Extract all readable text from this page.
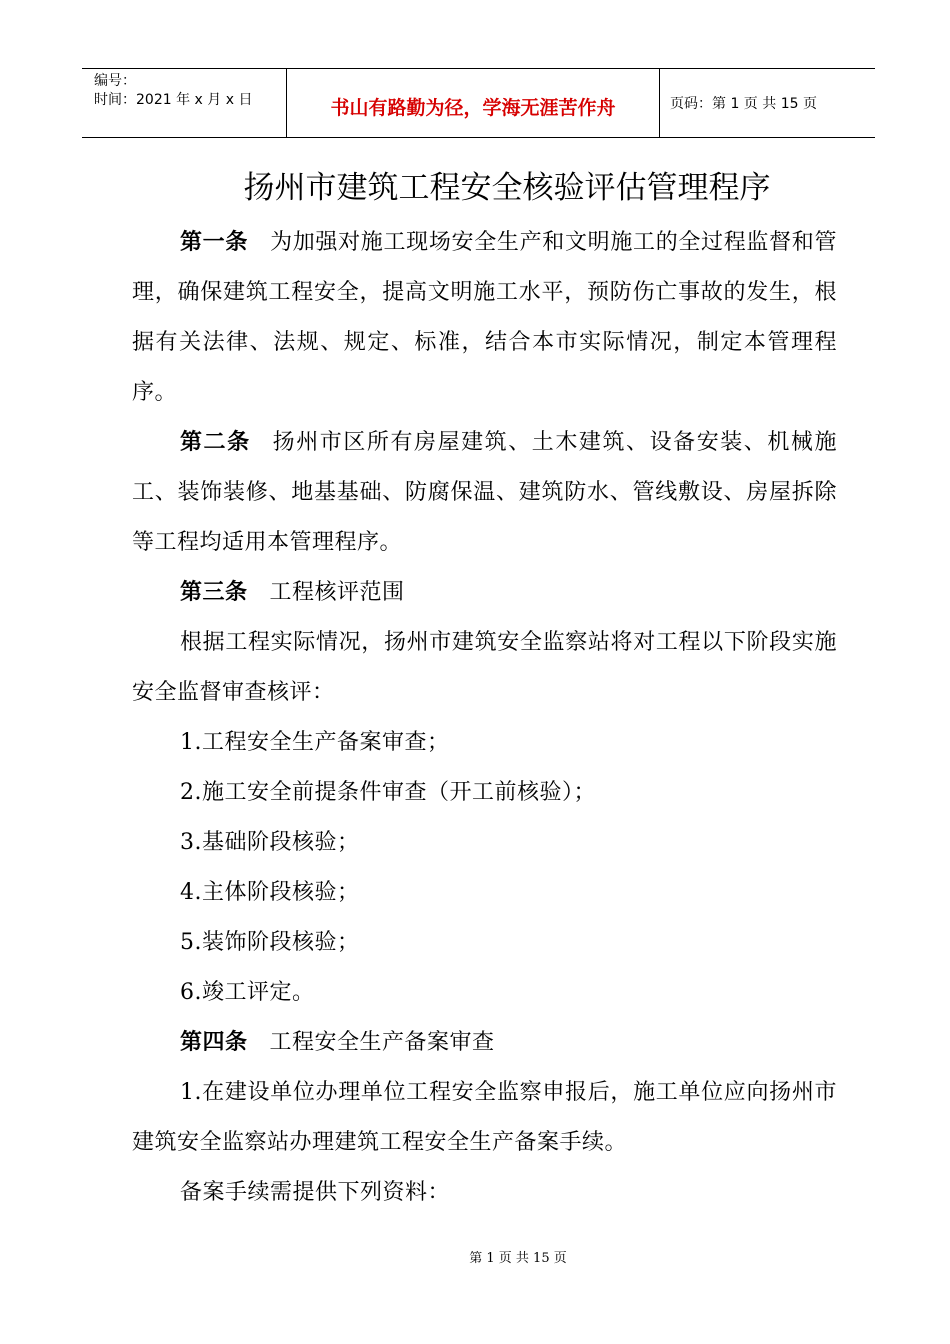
编号：
时间：2021 年 x 月 x 日	书山有路勤为径，学海无涯苦作舟	页码：第 1 页 共 15 页
扬州市建筑工程安全核验评估管理程序

第一条 为加强对施工现场安全生产和文明施工的全过程监督和管理，确保建筑工程安全，提高文明施工水平，预防伤亡事故的发生，根据有关法律、法规、规定、标准，结合本市实际情况，制定本管理程序。

第二条 扬州市区所有房屋建筑、土木建筑、设备安装、机械施工、装饰装修、地基基础、防腐保温、建筑防水、管线敷设、房屋拆除等工程均适用本管理程序。

第三条 工程核评范围

根据工程实际情况，扬州市建筑安全监察站将对工程以下阶段实施安全监督审查核评：

1.工程安全生产备案审查；

2.施工安全前提条件审查（开工前核验）；

3.基础阶段核验；

4.主体阶段核验；

5.装饰阶段核验；

6.竣工评定。

第四条 工程安全生产备案审查

1.在建设单位办理单位工程安全监察申报后，施工单位应向扬州市建筑安全监察站办理建筑工程安全生产备案手续。

备案手续需提供下列资料：

第 1 页 共 15 页
